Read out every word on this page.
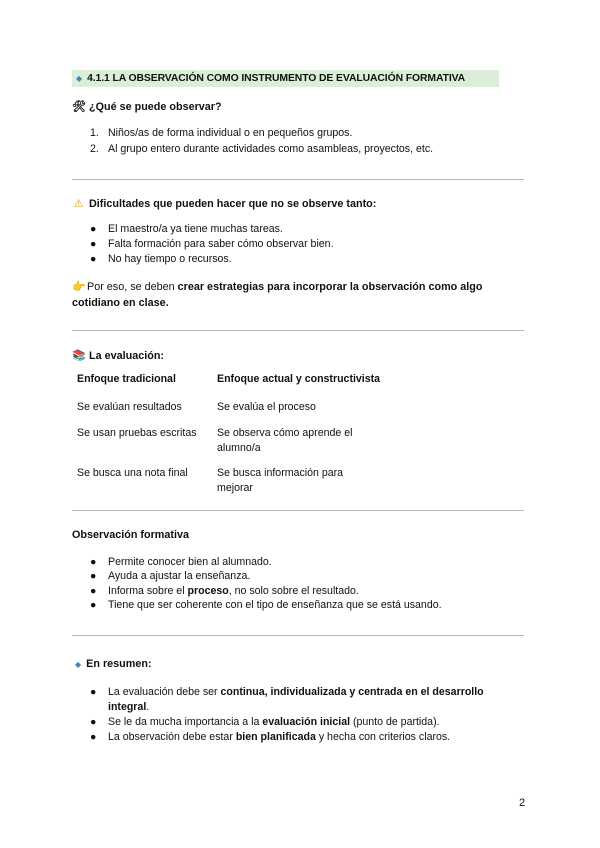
◆ 4.1.1
LA OBSERVACIÓN COMO INSTRUMENTO DE EVALUACIÓN FORMATIVA
🛠 ¿Qué se puede observar?
1. Niños/as de forma individual o en pequeños grupos.
2. Al grupo entero durante actividades como asambleas, proyectos, etc.
⚠ Dificultades que pueden hacer que no se observe tanto:
●	El maestro/a ya tiene muchas tareas.
●	Falta formación para saber cómo observar bien.
●	No hay tiempo o recursos.
👉Por eso, se deben crear estrategias para incorporar la observación como algo
cotidiano en clase.
📚 La evaluación:
Enfoque tradicional	Enfoque actual y constructivista
Se evalúan resultados	Se evalúa el proceso
Se usan pruebas escritas	Se observa cómo aprende el
alumno/a
Se busca una nota final	Se busca información para
mejorar
Observación formativa
●	Permite conocer bien al alumnado.
●	Ayuda a ajustar la enseñanza.
●	Informa sobre el proceso, no solo sobre el resultado.
●	Tiene que ser coherente con el tipo de enseñanza que se está usando.
◆ En resumen:
●	La evaluación debe ser continua, individualizada y centrada en el desarrollo
integral.
●	Se le da mucha importancia a la evaluación inicial (punto de partida).
●	La observación debe estar bien planificada y hecha con criterios claros.
2
